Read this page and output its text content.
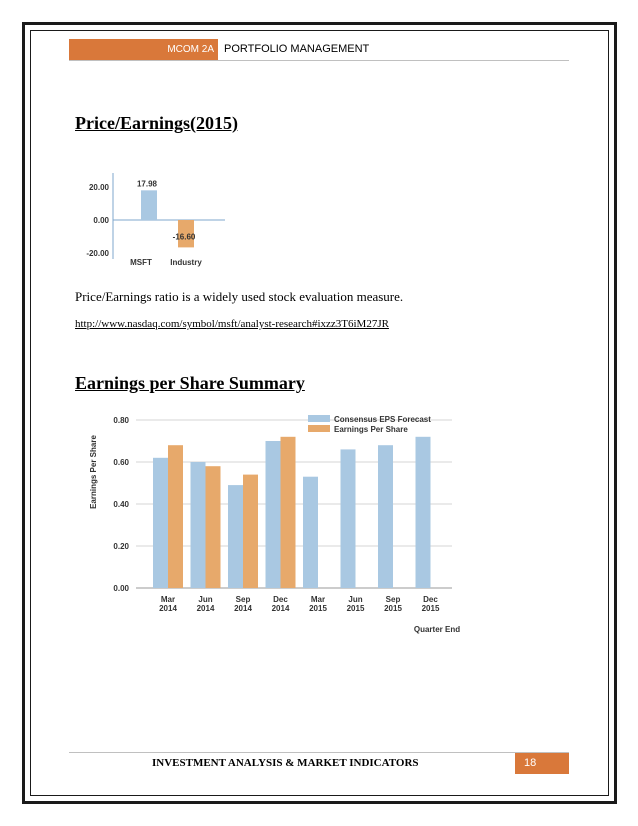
MCOM 2A PORTFOLIO MANAGEMENT
Price/Earnings(2015)
20.00
0.00
-20.00
17.98
MSFT
-16.60
Industry
Price/Earnings ratio is a widely used stock evaluation measure.
http://www.nasdaq.com/symbol/msft/analyst-research#ixzz3T6iM27JR
Earnings per Share Summary
0.80
0.60
0.40
0.20
0.00
Earnings Per Share
Mar
2014
Jun
2014
Sep
2014
Dec
2014
Mar
2015
Jun
2015
Sep
2015
Dec
2015
Quarter End
Consensus EPS Forecast
Earnings Per Share
INVESTMENT ANALYSIS & MARKET INDICATORS	18
